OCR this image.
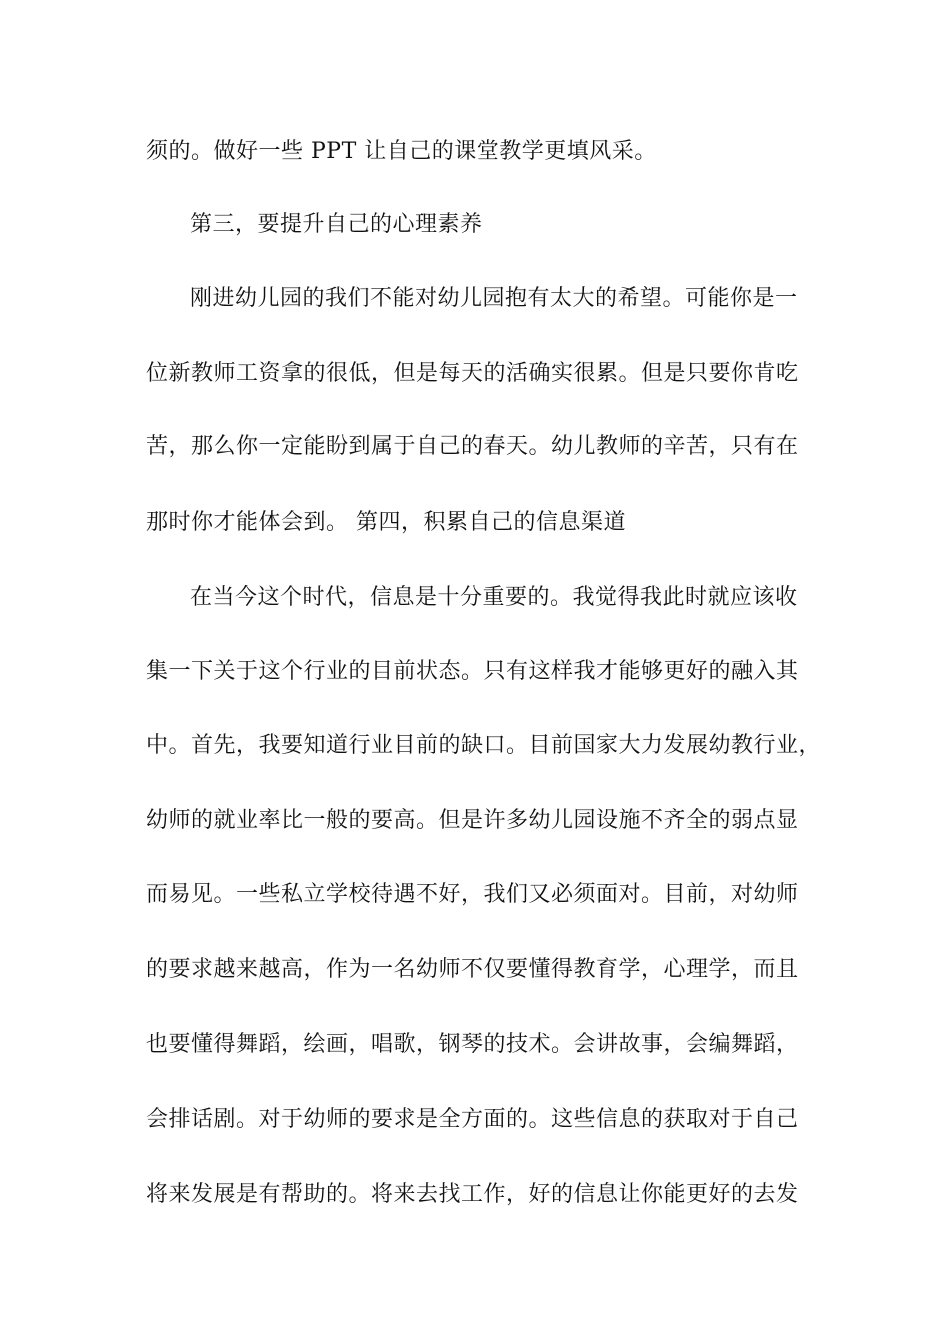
须的。做好一些 PPT 让自己的课堂教学更填风采。
第三，要提升自己的心理素养
刚进幼儿园的我们不能对幼儿园抱有太大的希望。可能你是一
位新教师工资拿的很低，但是每天的活确实很累。但是只要你肯吃
苦，那么你一定能盼到属于自己的春天。幼儿教师的辛苦，只有在
那时你才能体会到。 第四，积累自己的信息渠道
在当今这个时代，信息是十分重要的。我觉得我此时就应该收
集一下关于这个行业的目前状态。只有这样我才能够更好的融入其
中。首先，我要知道行业目前的缺口。目前国家大力发展幼教行业，
幼师的就业率比一般的要高。但是许多幼儿园设施不齐全的弱点显
而易见。一些私立学校待遇不好，我们又必须面对。目前，对幼师
的要求越来越高，作为一名幼师不仅要懂得教育学，心理学，而且
也要懂得舞蹈，绘画，唱歌，钢琴的技术。会讲故事，会编舞蹈，
会排话剧。对于幼师的要求是全方面的。这些信息的获取对于自己
将来发展是有帮助的。将来去找工作，好的信息让你能更好的去发
